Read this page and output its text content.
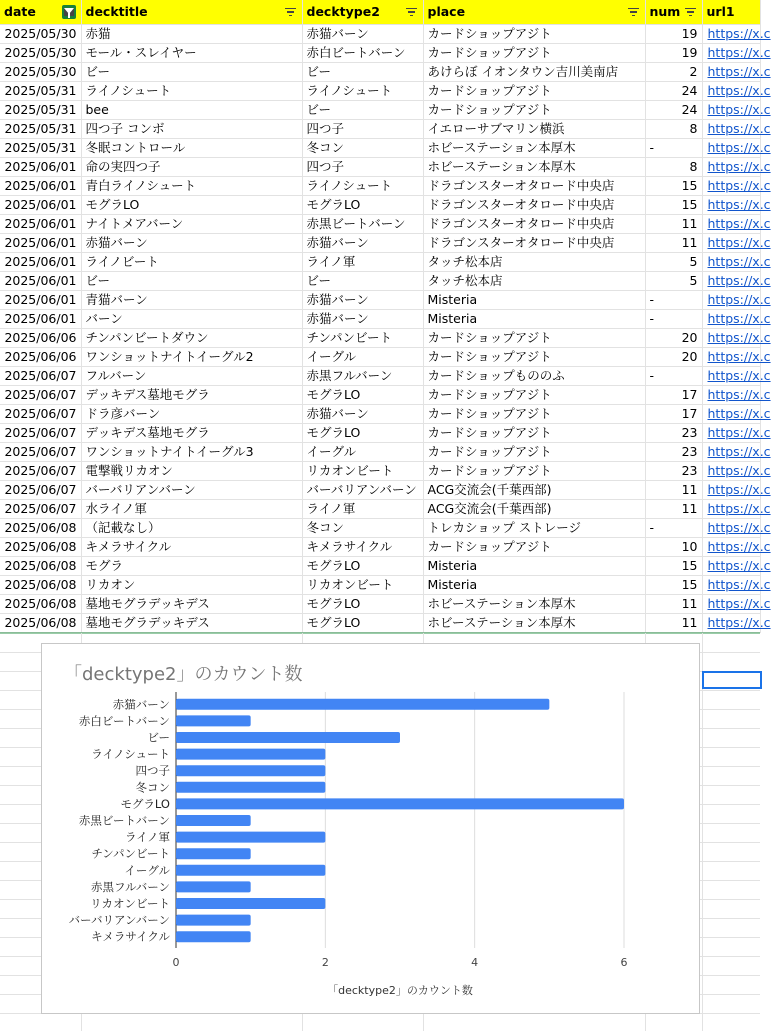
date	decktitle	decktype2	place	num	url1
2025/05/30	赤猫	赤猫バーン	カードショップアジト	19	https://x.c
2025/05/30	モール・スレイヤー	赤白ビートバーン	カードショップアジト	19	https://x.c
2025/05/30	ビー	ビー	あけらぼ イオンタウン吉川美南店	2	https://x.c
2025/05/31	ライノシュート	ライノシュート	カードショップアジト	24	https://x.c
2025/05/31	bee	ビー	カードショップアジト	24	https://x.c
2025/05/31	四つ子 コンボ	四つ子	イエローサブマリン横浜	8	https://x.c
2025/05/31	冬眠コントロール	冬コン	ホビーステーション本厚木	-	https://x.c
2025/06/01	命の実四つ子	四つ子	ホビーステーション本厚木	8	https://x.c
2025/06/01	青白ライノシュート	ライノシュート	ドラゴンスターオタロード中央店	15	https://x.c
2025/06/01	モグラLO	モグラLO	ドラゴンスターオタロード中央店	15	https://x.c
2025/06/01	ナイトメアバーン	赤黒ビートバーン	ドラゴンスターオタロード中央店	11	https://x.c
2025/06/01	赤猫バーン	赤猫バーン	ドラゴンスターオタロード中央店	11	https://x.c
2025/06/01	ライノビート	ライノ軍	タッチ松本店	5	https://x.c
2025/06/01	ビー	ビー	タッチ松本店	5	https://x.c
2025/06/01	青猫バーン	赤猫バーン	Misteria	-	https://x.c
2025/06/01	バーン	赤猫バーン	Misteria	-	https://x.c
2025/06/06	チンパンビートダウン	チンパンビート	カードショップアジト	20	https://x.c
2025/06/06	ワンショットナイトイーグル2	イーグル	カードショップアジト	20	https://x.c
2025/06/07	フルバーン	赤黒フルバーン	カードショップもののふ	-	https://x.c
2025/06/07	デッキデス墓地モグラ	モグラLO	カードショップアジト	17	https://x.c
2025/06/07	ドラ彦バーン	赤猫バーン	カードショップアジト	17	https://x.c
2025/06/07	デッキデス墓地モグラ	モグラLO	カードショップアジト	23	https://x.c
2025/06/07	ワンショットナイトイーグル3	イーグル	カードショップアジト	23	https://x.c
2025/06/07	電撃戦リカオン	リカオンビート	カードショップアジト	23	https://x.c
2025/06/07	バーバリアンバーン	バーバリアンバーン	ACG交流会(千葉西部)	11	https://x.c
2025/06/07	水ライノ軍	ライノ軍	ACG交流会(千葉西部)	11	https://x.c
2025/06/08	（記載なし）	冬コン	トレカショップ ストレージ	-	https://x.c
2025/06/08	キメラサイクル	キメラサイクル	カードショップアジト	10	https://x.c
2025/06/08	モグラ	モグラLO	Misteria	15	https://x.c
2025/06/08	リカオン	リカオンビート	Misteria	15	https://x.c
2025/06/08	墓地モグラデッキデス	モグラLO	ホビーステーション本厚木	11	https://x.c
2025/06/08	墓地モグラデッキデス	モグラLO	ホビーステーション本厚木	11	https://x.c
「decktype2」のカウント数
0	2	4	6
赤猫バーン
赤白ビートバーン
ビー
ライノシュート
四つ子
冬コン
モグラLO
赤黒ビートバーン
ライノ軍
チンパンビート
イーグル
赤黒フルバーン
リカオンビート
バーバリアンバーン
キメラサイクル
「decktype2」のカウント数
